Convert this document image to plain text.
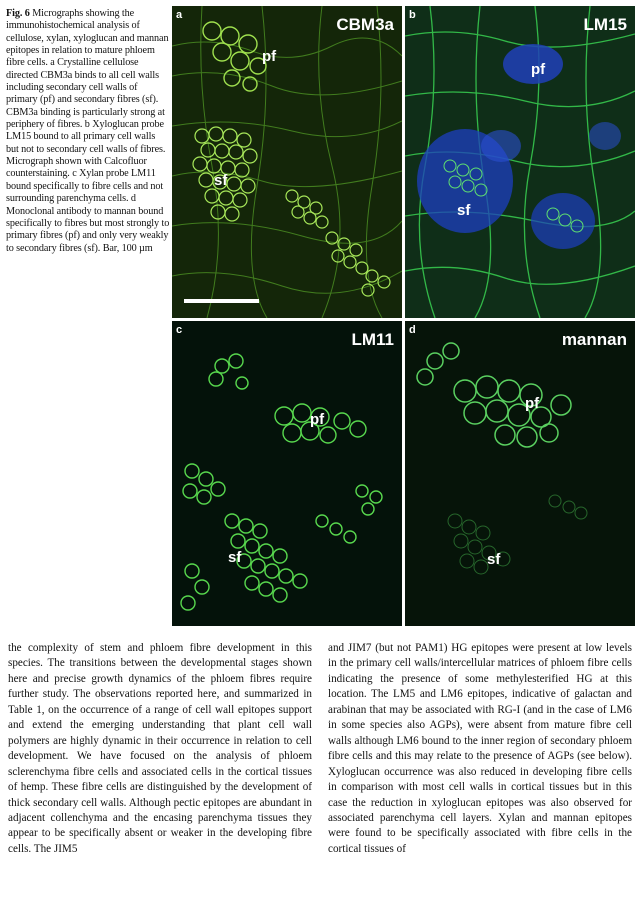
Fig. 6 Micrographs showing the immunohistochemical analysis of cellulose, xylan, xyloglucan and mannan epitopes in relation to mature phloem fibre cells. a Crystalline cellulose directed CBM3a binds to all cell walls including secondary cell walls of primary (pf) and secondary fibres (sf). CBM3a binding is particularly strong at periphery of fibres. b Xyloglucan probe LM15 bound to all primary cell walls but not to secondary cell walls of fibres. Micrograph shown with Calcofluor counterstaining. c Xylan probe LM11 bound specifically to fibre cells and not surrounding parenchyma cells. d Monoclonal antibody to mannan bound specifically to fibres but most strongly to primary fibres (pf) and only very weakly to secondary fibres (sf). Bar, 100 µm
a	CBM3a
pf
sf
b	LM15
pf
sf
c	LM11
pf
sf
d	mannan
pf
sf
the complexity of stem and phloem fibre development in this species. The transitions between the developmental stages shown here and precise growth dynamics of the phloem fibres require further study. The observations reported here, and summarized in Table 1, on the occurrence of a range of cell wall epitopes support and extend the emerging understanding that plant cell wall polymers are highly dynamic in their occurrence in relation to cell development. We have focused on the analysis of phloem sclerenchyma fibre cells and associated cells in the cortical tissues of hemp. These fibre cells are distinguished by the development of thick secondary cell walls. Although pectic epitopes are abundant in adjacent collenchyma and the encasing parenchyma tissues they appear to be specifically absent or weaker in the developing fibre cells. The JIM5
and JIM7 (but not PAM1) HG epitopes were present at low levels in the primary cell walls/intercellular matrices of phloem fibre cells indicating the presence of some methylesterified HG at this location. The LM5 and LM6 epitopes, indicative of galactan and arabinan that may be associated with RG-I (and in the case of LM6 in some species also AGPs), were absent from mature fibre cell walls although LM6 bound to the inner region of secondary phloem fibre cells and this may relate to the presence of AGPs (see below). Xyloglucan occurrence was also reduced in developing fibre cells in comparison with most cell walls in cortical tissues but in this case the reduction in xyloglucan epitopes was also observed for associated parenchyma cell layers. Xylan and mannan epitopes were found to be specifically associated with fibre cells in the cortical tissues of
